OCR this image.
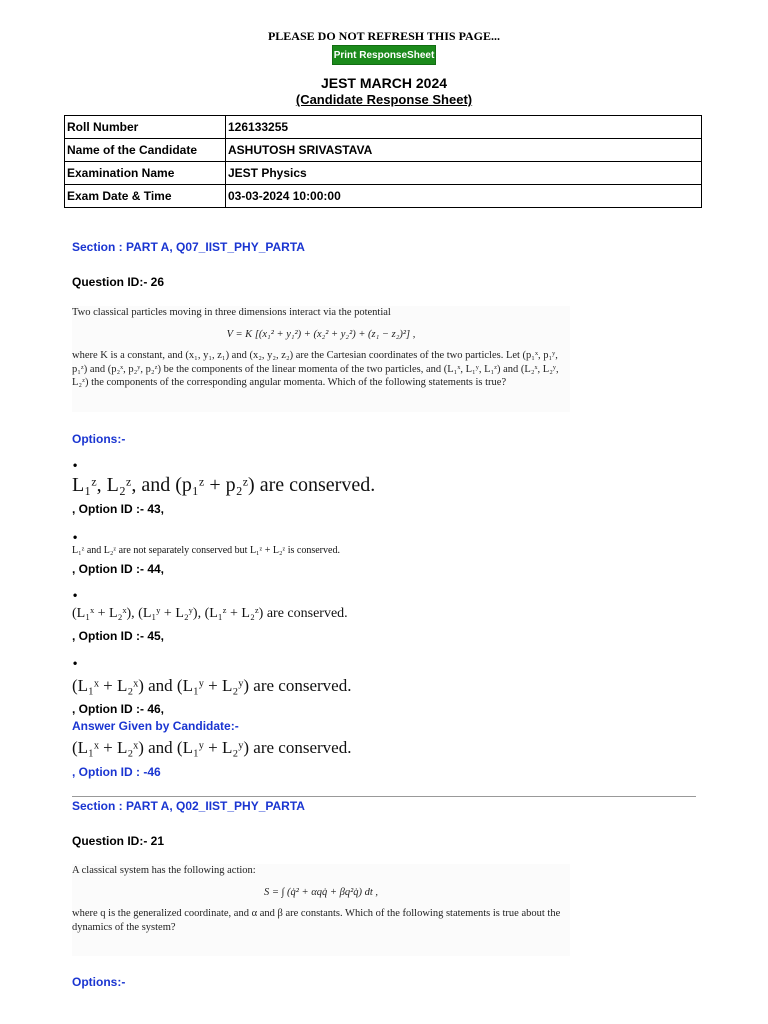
PLEASE DO NOT REFRESH THIS PAGE...
Print ResponseSheet
JEST MARCH 2024
(Candidate Response Sheet)
Roll Number	126133255
Name of the Candidate	ASHUTOSH SRIVASTAVA
Examination Name	JEST Physics
Exam Date & Time	03-03-2024 10:00:00
Section : PART A, Q07_IIST_PHY_PARTA
Question ID:- 26

Two classical particles moving in three dimensions interact via the potential

V = K [(x₁² + y₁²) + (x₂² + y₂²) + (z₁ − z₂)²] ,

where K is a constant, and (x₁, y₁, z₁) and (x₂, y₂, z₂) are the Cartesian coordinates of the two particles. Let (p₁ˣ, p₁ʸ, p₁ᶻ) and (p₂ˣ, p₂ʸ, p₂ᶻ) be the components of the linear momenta of the two particles, and (L₁ˣ, L₁ʸ, L₁ᶻ) and (L₂ˣ, L₂ʸ, L₂ᶻ) the components of the corresponding angular momenta. Which of the following statements is true?

Options:-
•
L₁ᶻ, L₂ᶻ, and (p₁ᶻ + p₂ᶻ) are conserved.
, Option ID :- 43,
•
L₁ᶻ and L₂ᶻ are not separately conserved but L₁ᶻ + L₂ᶻ is conserved.
, Option ID :- 44,
•
(L₁ˣ + L₂ˣ), (L₁ʸ + L₂ʸ), (L₁ᶻ + L₂ᶻ) are conserved.
, Option ID :- 45,
•
(L₁ˣ + L₂ˣ) and (L₁ʸ + L₂ʸ) are conserved.
, Option ID :- 46,
Answer Given by Candidate:-
(L₁ˣ + L₂ˣ) and (L₁ʸ + L₂ʸ) are conserved.
, Option ID : -46
Section : PART A, Q02_IIST_PHY_PARTA
Question ID:- 21

A classical system has the following action:

S = ∫ (q̇² + αqq̇ + βq²q̇) dt ,

where q is the generalized coordinate, and α and β are constants. Which of the following statements is true about the dynamics of the system?

Options:-
